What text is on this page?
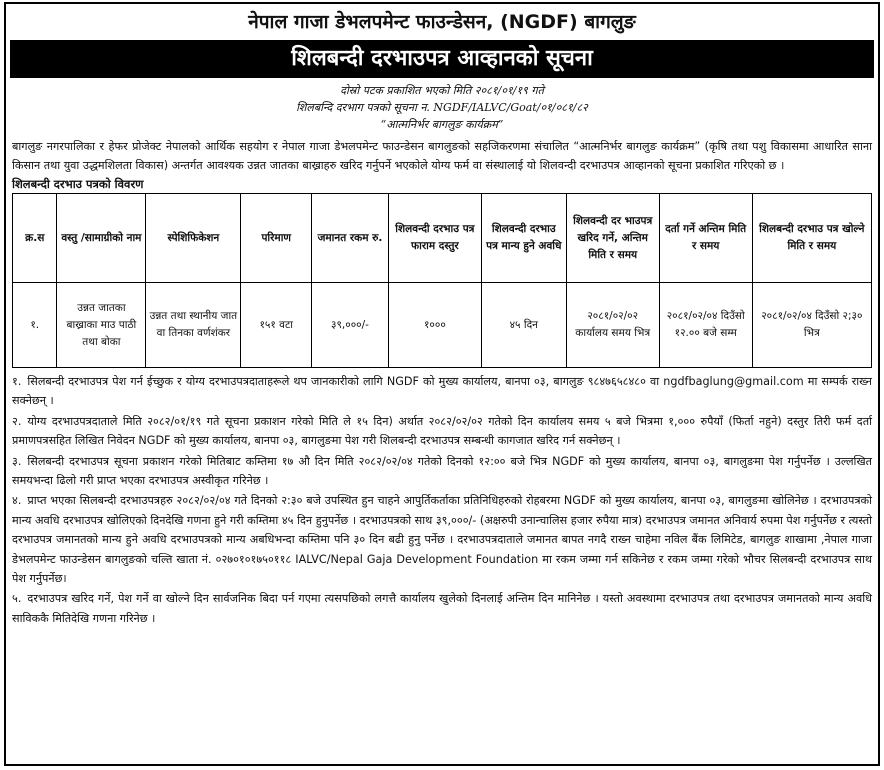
नेपाल गाजा डेभलपमेन्ट फाउन्डेसन, (NGDF) बागलुङ
शिलबन्दी दरभाउपत्र आव्हानको सूचना
दोस्रो पटक प्रकाशित भएको मिति २०८१/०१/१९ गते
शिलबन्दि दरभाग पत्रको सूचना न. NGDF/IALVC/Goat/०१/०८१/८२
“आत्मनिर्भर बागलुङ कार्यक्रम”

बागलुङ नगरपालिका र हेफर प्रोजेक्ट नेपालको आर्थिक सहयोग र नेपाल गाजा डेभलपमेन्ट फाउन्डेसन बागलुङको सहजिकरणमा संचालित “आत्मनिर्भर बागलुङ कार्यक्रम” (कृषि तथा पशु विकासमा आधारित साना किसान तथा युवा उद्धमशिलता विकास) अन्तर्गत आवश्यक उन्नत जातका बाख्राहरु खरिद गर्नुपर्ने भएकोले योग्य फर्म वा संस्थालाई यो शिलवन्दी दरभाउपत्र आव्हानको सूचना प्रकाशित गरिएको छ ।

शिलबन्दी दरभाउ पत्रको विवरण
क्र.स	वस्तु /सामाग्रीको नाम	स्पेशिफिकेशन	परिमाण	जमानत रकम रु.	शिलवन्दी दरभाउ पत्र फाराम दस्तुर	शिलवन्दी दरभाउ पत्र मान्य हुने अवधि	शिलवन्दी दर भाउपत्र खरिद गर्ने, अन्तिम मिति र समय	दर्ता गर्ने अन्तिम मिति र समय	शिलबन्दी दरभाउ पत्र खोल्ने मिति र समय
१.	उन्नत जातका बाख्राका माउ पाठी तथा बोका	उन्नत तथा स्थानीय जात वा तिनका वर्णशंकर	१५१ वटा	३९,०००/-	१०००	४५ दिन	२०८१/०२/०२ कार्यालय समय भित्र	२०८१/०२/०४ दिउँसो १२.०० बजे सम्म	२०८१/०२/०४ दिउँसो २;३० भित्र
१. सिलबन्दी दरभाउपत्र पेश गर्न ईच्छुक र योग्य दरभाउपत्रदाताहरूले थप जानकारीको लागि NGDF को मुख्य कार्यालय, बानपा ०३, बागलुङ ९८४७६५८४८० वा ngdfbaglung@gmail.com मा सम्पर्क राख्न सक्नेछन् ।
२. योग्य दरभाउपत्रदाताले मिति २०८२/०१/१९ गते सूचना प्रकाशन गरेको मिति ले १५ दिन) अर्थात २०८२/०२/०२ गतेको दिन कार्यालय समय ५ बजे भित्रमा १,००० रुपैयाँ (फिर्ता नहुने) दस्तुर तिरी फर्म दर्ता प्रमाणपत्रसहित लिखित निवेदन NGDF को मुख्य कार्यालय, बानपा ०३, बागलुङमा पेश गरी शिलबन्दी दरभाउपत्र सम्बन्धी कागजात खरिद गर्न सक्नेछन् ।
३. सिलबन्दी दरभाउपत्र सूचना प्रकाशन गरेको मितिबाट कम्तिमा १७ औ दिन मिति २०८२/०२/०४ गतेको दिनको १२:०० बजे भित्र NGDF को मुख्य कार्यालय, बानपा ०३, बागलुङमा पेश गर्नुपर्नेछ । उल्लखित समयभन्दा ढिलो गरी प्राप्त भएका दरभाउपत्र अस्वीकृत गरिनेछ ।
४. प्राप्त भएका सिलबन्दी दरभाउपत्रहरु २०८२/०२/०४ गते दिनको २:३० बजे उपस्थित हुन चाहने आपुर्तिकर्ताका प्रतिनिधिहरुको रोहबरमा NGDF को मुख्य कार्यालय, बानपा ०३, बागलुङमा खोलिनेछ । दरभाउपत्रको मान्य अवधि दरभाउपत्र खोलिएको दिनदेखि गणना हुने गरी कम्तिमा ४५ दिन हुनुपर्नेछ । दरभाउपत्रको साथ ३९,०००/- (अक्षरुपी उनान्चालिस हजार रुपैया मात्र) दरभाउपत्र जमानत अनिवार्य रुपमा पेश गर्नुपर्नेछ र त्यस्तो दरभाउपत्र जमानतको मान्य हुने अवधि दरभाउपत्रको मान्य अबधिभन्दा कम्तिमा पनि ३० दिन बढी हुनु पर्नेछ । दरभाउपत्रदाताले जमानत बापत नगदै राख्न चाहेमा नविल बैंक लिमिटेड, बागलुङ शाखामा ,नेपाल गाजा डेभलपमेन्ट फाउन्डेसन बागलुङको चल्ति खाता नं. ०२७०१०१७५०११८ IALVC/Nepal Gaja Development Foundation मा रकम जम्मा गर्न सकिनेछ र रकम जम्मा गरेको भौचर सिलबन्दी दरभाउपत्र साथ पेश गर्नुपर्नेछ।
५. दरभाउपत्र खरिद गर्ने, पेश गर्ने वा खोल्ने दिन सार्वजनिक बिदा पर्न गएमा त्यसपछिको लगत्तै कार्यालय खुलेको दिनलाई अन्तिम दिन मानिनेछ । यस्तो अवस्थामा दरभाउपत्र तथा दरभाउपत्र जमानतको मान्य अवधि साविककै मितिदेखि गणना गरिनेछ ।
